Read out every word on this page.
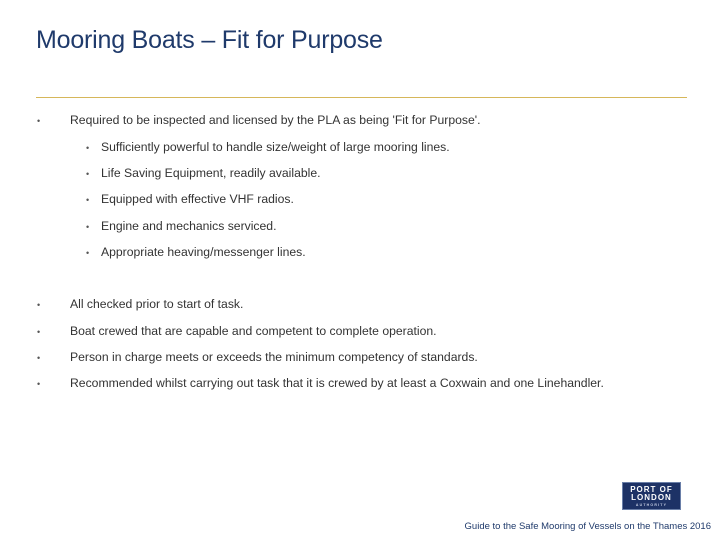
Mooring Boats – Fit for Purpose
• Required to be inspected and licensed by the PLA as being 'Fit for Purpose'.
• Sufficiently powerful to handle size/weight of large mooring lines.
• Life Saving Equipment, readily available.
• Equipped with effective VHF radios.
• Engine and mechanics serviced.
• Appropriate heaving/messenger lines.
• All checked prior to start of task.
• Boat crewed that are capable and competent to complete operation.
• Person in charge meets or exceeds the minimum competency of standards.
• Recommended whilst carrying out task that it is crewed by at least a Coxwain and one Linehandler.
PORT OF
LONDON
AUTHORITY
Guide to the Safe Mooring of Vessels on the Thames 2016
